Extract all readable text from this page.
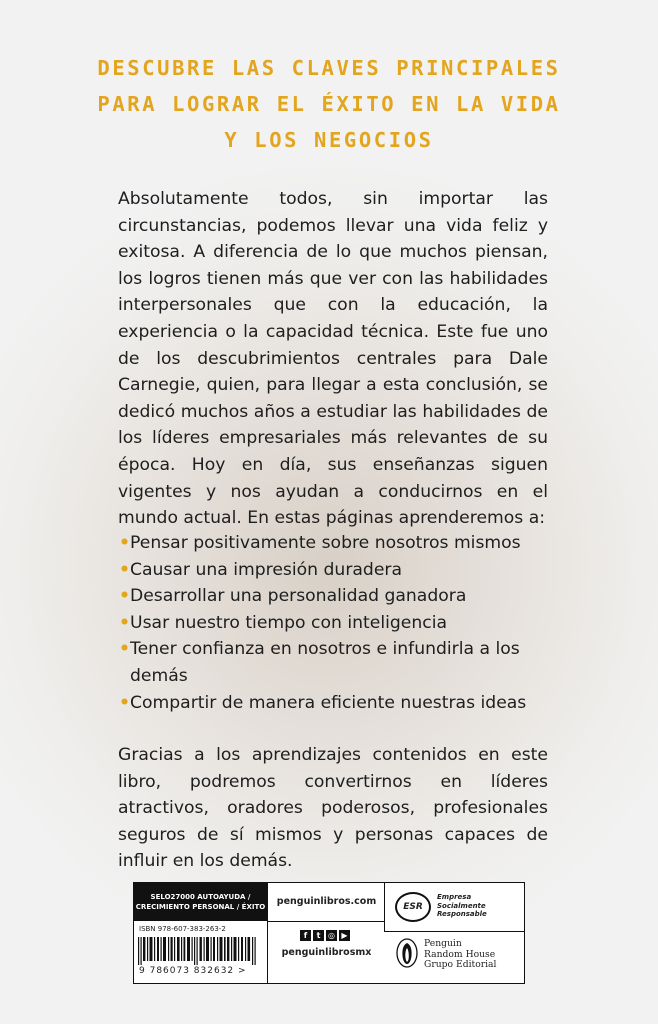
DESCUBRE LAS CLAVES PRINCIPALES
PARA LOGRAR EL ÉXITO EN LA VIDA
Y LOS NEGOCIOS

Absolutamente todos, sin importar las circunstancias, podemos llevar una vida feliz y exitosa. A diferencia de lo que muchos piensan, los logros tienen más que ver con las habilidades interpersonales que con la educación, la experiencia o la capacidad técnica. Este fue uno de los descubrimientos centrales para Dale Carnegie, quien, para llegar a esta conclusión, se dedicó muchos años a estudiar las habilidades de los líderes empresariales más relevantes de su época. Hoy en día, sus enseñanzas siguen vigentes y nos ayudan a conducirnos en el mundo actual. En estas páginas aprenderemos a:

• Pensar positivamente sobre nosotros mismos
• Causar una impresión duradera
• Desarrollar una personalidad ganadora
• Usar nuestro tiempo con inteligencia
• Tener confianza en nosotros e infundirla a los demás
• Compartir de manera eficiente nuestras ideas

Gracias a los aprendizajes contenidos en este libro, podremos convertirnos en líderes atractivos, oradores poderosos, profesionales seguros de sí mismos y personas capaces de influir en los demás.

SELO27000 AUTOAYUDA /
CRECIMIENTO PERSONAL / ÉXITO	penguinlibros.com	ESR
Empresa
Socialmente
Responsable
f	t ◎ ▶
penguinlibrosmx
ISBN 978-607-383-263-2
9 786073 832632 >
Penguin
Random House
Grupo Editorial
